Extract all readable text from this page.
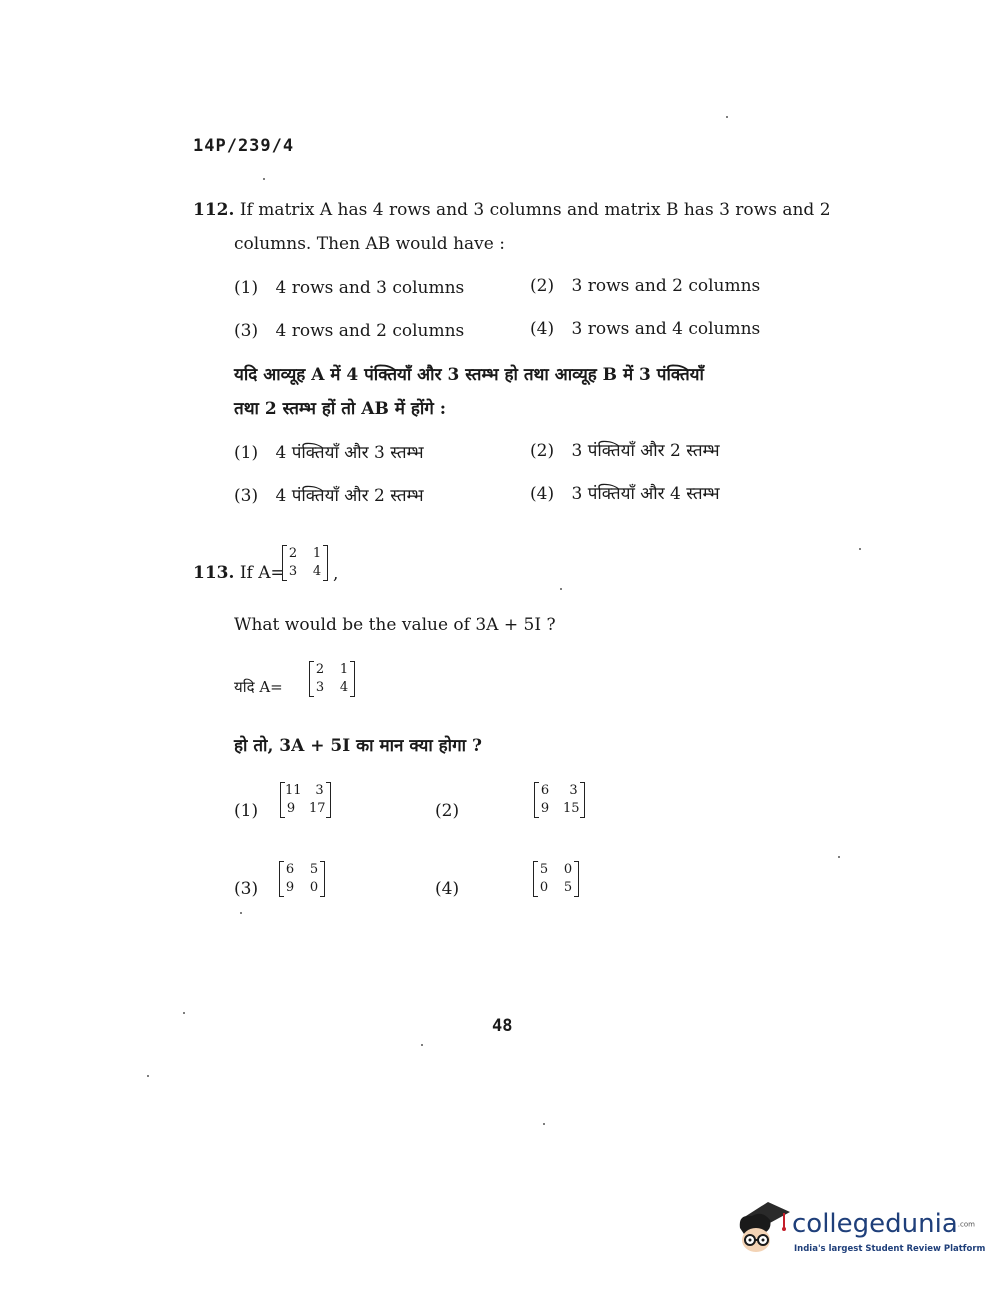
14P/239/4
112. If matrix A has 4 rows and 3 columns and matrix B has 3 rows and 2
columns. Then AB would have :
(1) 4 rows and 3 columns	(2) 3 rows and 2 columns
(3) 4 rows and 2 columns	(4) 3 rows and 4 columns
यदि आव्यूह A में 4 पंक्तियाँ और 3 स्तम्भ हो तथा आव्यूह B में 3 पंक्तियाँ
तथा 2 स्तम्भ हों तो AB में होंगे :
(1) 4 पंक्तियाँ और 3 स्तम्भ	(2) 3 पंक्तियाँ और 2 स्तम्भ
(3) 4 पंक्तियाँ और 2 स्तम्भ	(4) 3 पंक्तियाँ और 4 स्तम्भ
113. If A=
2 1
3 4 ,
What would be the value of 3A + 5I ?
यदि A=
2 1
3 4
हो तो, 3A + 5I का मान क्या होगा ?
(1)
11 3
9 17	(2)
6 3
9 15
(3)
6 5
9 0	(4)
5 0
0 5
48
collegedunia.com
India's largest Student Review Platform
